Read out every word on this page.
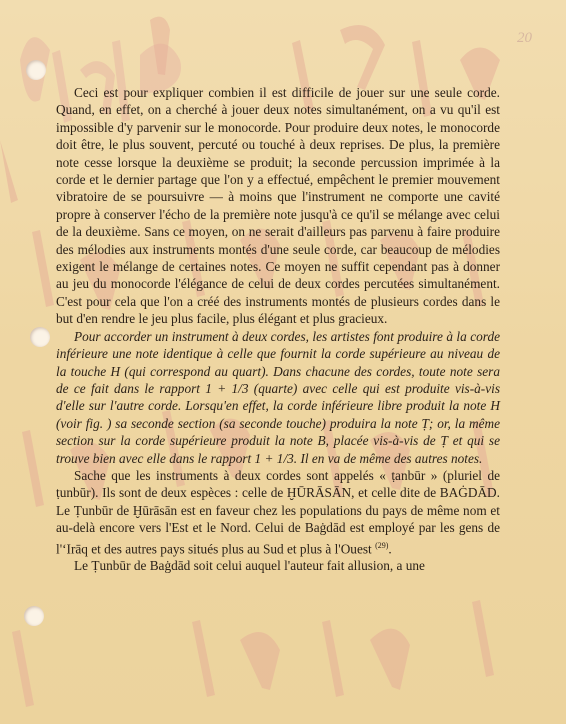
20

Ceci est pour expliquer combien il est difficile de jouer sur une seule corde. Quand, en effet, on a cherché à jouer deux notes simultanément, on a vu qu'il est impossible d'y parvenir sur le monocorde. Pour produire deux notes, le monocorde doit être, le plus souvent, percuté ou touché à deux reprises. De plus, la première note cesse lorsque la deuxième se produit; la seconde percussion imprimée à la corde et le dernier partage que l'on y a effectué, empêchent le premier mouvement vibratoire de se poursuivre — à moins que l'instrument ne comporte une cavité propre à conserver l'écho de la première note jusqu'à ce qu'il se mélange avec celui de la deuxième. Sans ce moyen, on ne serait d'ailleurs pas parvenu à faire produire des mélodies aux instruments montés d'une seule corde, car beaucoup de mélodies exigent le mélange de certaines notes. Ce moyen ne suffit cependant pas à donner au jeu du monocorde l'élégance de celui de deux cordes percutées simultanément. C'est pour cela que l'on a créé des instruments montés de plusieurs cordes dans le but d'en rendre le jeu plus facile, plus élégant et plus gracieux.

Pour accorder un instrument à deux cordes, les artistes font produire à la corde inférieure une note identique à celle que fournit la corde supérieure au niveau de la touche H (qui correspond au quart). Dans chacune des cordes, toute note sera de ce fait dans le rapport 1 + 1/3 (quarte) avec celle qui est produite vis-à-vis d'elle sur l'autre corde. Lorsqu'en effet, la corde inférieure libre produit la note H (voir fig. ) sa seconde section (sa seconde touche) produira la note Ṭ; or, la même section sur la corde supérieure produit la note B, placée vis-à-vis de Ṭ et qui se trouve bien avec elle dans le rapport 1 + 1/3. Il en va de même des autres notes.

Sache que les instruments à deux cordes sont appelés « ṭanbūr » (pluriel de ṭunbūr). Ils sont de deux espèces : celle de ḪŪRĀSĀN, et celle dite de BAĠDĀD. Le Ṭunbūr de Ḫūrāsān est en faveur chez les populations du pays de même nom et au-delà encore vers l'Est et le Nord. Celui de Baġdād est employé par les gens de l'‘Irāq et des autres pays situés plus au Sud et plus à l'Ouest $^{(29)}$.

Le Ṭunbūr de Baġdād soit celui auquel l'auteur fait allusion, a une
